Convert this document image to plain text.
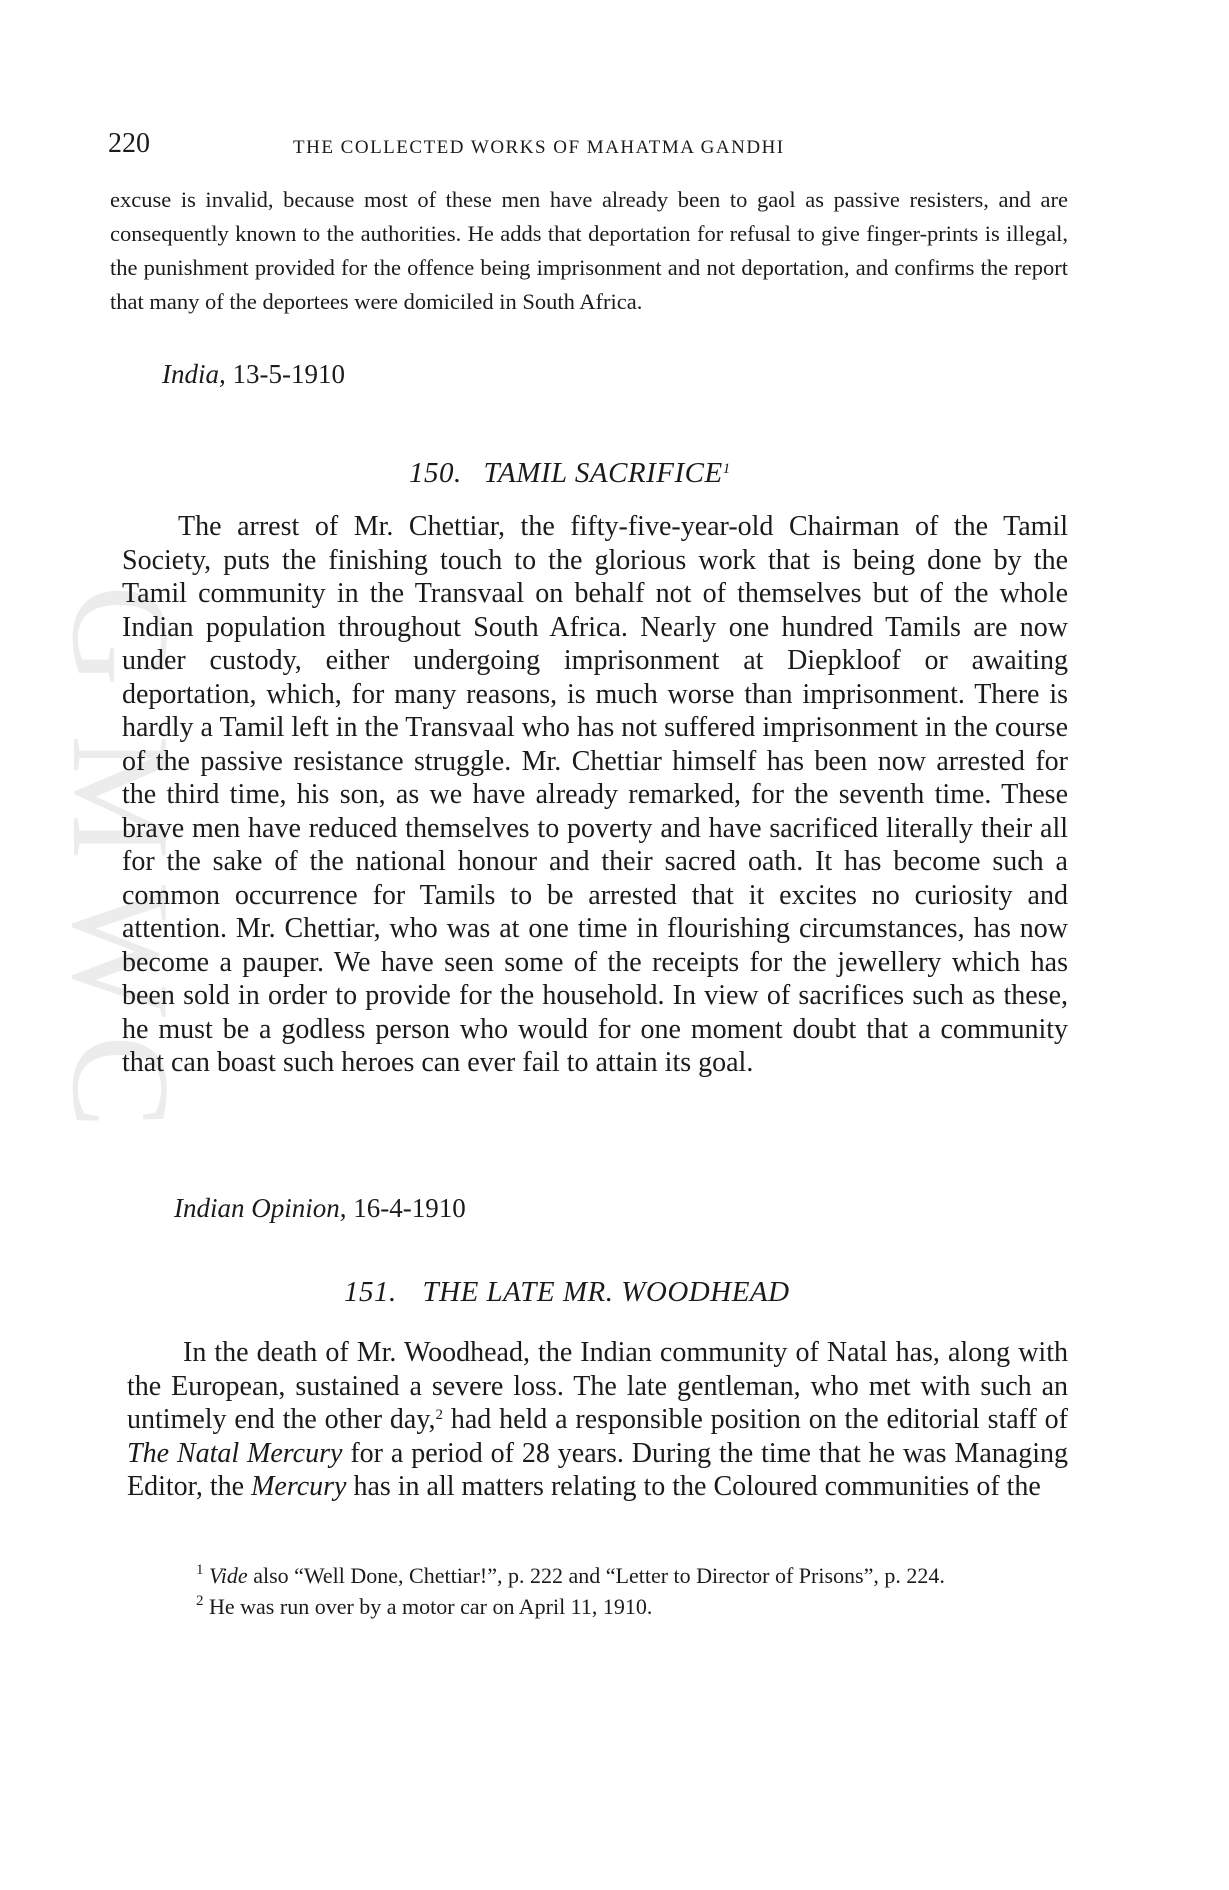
G
M
W
C
220	THE COLLECTED WORKS OF MAHATMA GANDHI
excuse is invalid, because most of these men have already been to gaol as passive resisters, and are consequently known to the authorities. He adds that deportation for refusal to give finger-prints is illegal, the punishment provided for the offence being imprisonment and not deportation, and confirms the report that many of the deportees were domiciled in South Africa.
India, 13-5-1910
150. TAMIL SACRIFICE$^1$

The arrest of Mr. Chettiar, the fifty-five-year-old Chairman of the Tamil Society, puts the finishing touch to the glorious work that is being done by the Tamil community in the Transvaal on behalf not of themselves but of the whole Indian population throughout South Africa. Nearly one hundred Tamils are now under custody, either undergoing imprisonment at Diepkloof or awaiting deportation, which, for many reasons, is much worse than imprisonment. There is hardly a Tamil left in the Transvaal who has not suffered imprisonment in the course of the passive resistance struggle. Mr. Chettiar himself has been now arrested for the third time, his son, as we have already remarked, for the seventh time. These brave men have reduced themselves to poverty and have sacrificed literally their all for the sake of the national honour and their sacred oath. It has become such a common occurrence for Tamils to be arrested that it excites no curiosity and attention. Mr. Chettiar, who was at one time in flourishing circumstances, has now become a pauper. We have seen some of the receipts for the jewellery which has been sold in order to provide for the household. In view of sacrifices such as these, he must be a godless person who would for one moment doubt that a community that can boast such heroes can ever fail to attain its goal.

Indian Opinion, 16-4-1910
151. THE LATE MR. WOODHEAD

In the death of Mr. Woodhead, the Indian community of Natal has, along with the European, sustained a severe loss. The late gentleman, who met with such an untimely end the other day,$^2$ had held a responsible position on the editorial staff of The Natal Mercury for a period of 28 years. During the time that he was Managing Editor, the Mercury has in all matters relating to the Coloured communities of the

$^1$ Vide also “Well Done, Chettiar!”, p. 222 and “Letter to Director of Prisons”, p. 224.

$^2$ He was run over by a motor car on April 11, 1910.
